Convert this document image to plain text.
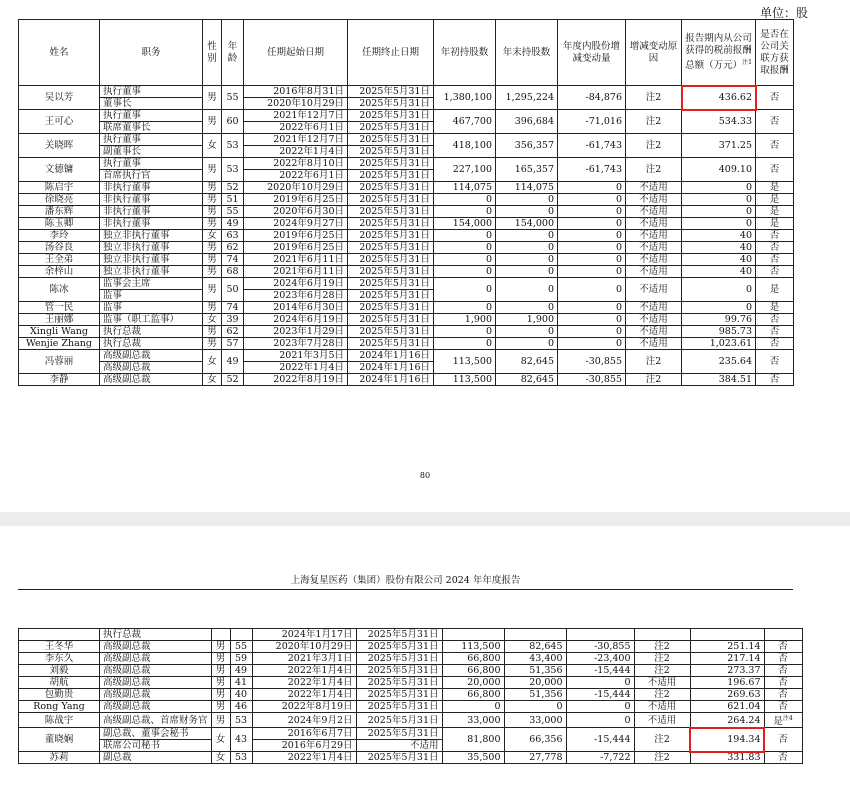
单位：股
姓名	职务	性别	年龄	任期起始日期	任期终止日期	年初持股数	年末持股数	年度内股份增减变动量	增减变动原因	报告期内从公司获得的税前报酬总额（万元）$^{注1}$	是否在公司关联方获取报酬
吴以芳	执行董事	男	55	2016年8月31日	2025年5月31日	1,380,100	1,295,224	-84,876	注2	436.62	否
	董事长			2020年10月29日	2025年5月31日						
王可心	执行董事	男	60	2021年12月7日	2025年5月31日	467,700	396,684	-71,016	注2	534.33	否
	联席董事长			2022年6月1日	2025年5月31日						
关晓晖	执行董事	女	53	2021年12月7日	2025年5月31日	418,100	356,357	-61,743	注2	371.25	否
	副董事长			2022年1月4日	2025年5月31日						
文德镛	执行董事	男	53	2022年8月10日	2025年5月31日	227,100	165,357	-61,743	注2	409.10	否
	首席执行官			2022年6月1日	2025年5月31日						
陈启宇	非执行董事	男	52	2020年10月29日	2025年5月31日	114,075	114,075	0	不适用	0	是
徐晓亮	非执行董事	男	51	2019年6月25日	2025年5月31日	0	0	0	不适用	0	是
潘东辉	非执行董事	男	55	2020年6月30日	2025年5月31日	0	0	0	不适用	0	是
陈玉卿	非执行董事	男	49	2024年9月27日	2025年5月31日	154,000	154,000	0	不适用	0	是
李玲	独立非执行董事	女	63	2019年6月25日	2025年5月31日	0	0	0	不适用	40	否
汤谷良	独立非执行董事	男	62	2019年6月25日	2025年5月31日	0	0	0	不适用	40	否
王全弟	独立非执行董事	男	74	2021年6月11日	2025年5月31日	0	0	0	不适用	40	否
余梓山	独立非执行董事	男	68	2021年6月11日	2025年5月31日	0	0	0	不适用	40	否
陈冰	监事会主席	男	50	2024年6月19日	2025年5月31日	0	0	0	不适用	0	是
	监事			2023年6月28日	2025年5月31日						
管一民	监事	男	74	2014年6月30日	2025年5月31日	0	0	0	不适用	0	是
王丽娜	监事（职工监事）	女	39	2024年6月19日	2025年5月31日	1,900	1,900	0	不适用	99.76	否
Xingli Wang	执行总裁	男	62	2023年1月29日	2025年5月31日	0	0	0	不适用	985.73	否
Wenjie Zhang	执行总裁	男	57	2023年7月28日	2025年5月31日	0	0	0	不适用	1,023.61	否
冯蓉丽	高级副总裁	女	49	2021年3月5日	2024年1月16日	113,500	82,645	-30,855	注2	235.64	否
	高级副总裁			2022年1月4日	2024年1月16日						
李静	高级副总裁	女	52	2022年8月19日	2024年1月16日	113,500	82,645	-30,855	注2	384.51	否
80
上海复星医药（集团）股份有限公司 2024 年年度报告
	执行总裁			2024年1月17日	2025年5月31日						
王冬华	高级副总裁	男	55	2020年10月29日	2025年5月31日	113,500	82,645	-30,855	注2	251.14	否
李东久	高级副总裁	男	59	2021年3月1日	2025年5月31日	66,800	43,400	-23,400	注2	217.14	否
刘毅	高级副总裁	男	49	2022年1月4日	2025年5月31日	66,800	51,356	-15,444	注2	273.37	否
胡航	高级副总裁	男	41	2022年1月4日	2025年5月31日	20,000	20,000	0	不适用	196.67	否
包勤贵	高级副总裁	男	40	2022年1月4日	2025年5月31日	66,800	51,356	-15,444	注2	269.63	否
Rong Yang	高级副总裁	男	46	2022年8月19日	2025年5月31日	0	0	0	不适用	621.04	否
陈战宇	高级副总裁、首席财务官	男	53	2024年9月2日	2025年5月31日	33,000	33,000	0	不适用	264.24	是$^{注4}$
董晓娴	副总裁、董事会秘书	女	43	2016年6月7日	2025年5月31日	81,800	66,356	-15,444	注2	194.34	否
	联席公司秘书			2016年6月29日	不适用						
苏莉	副总裁	女	53	2022年1月4日	2025年5月31日	35,500	27,778	-7,722	注2	331.83	否
